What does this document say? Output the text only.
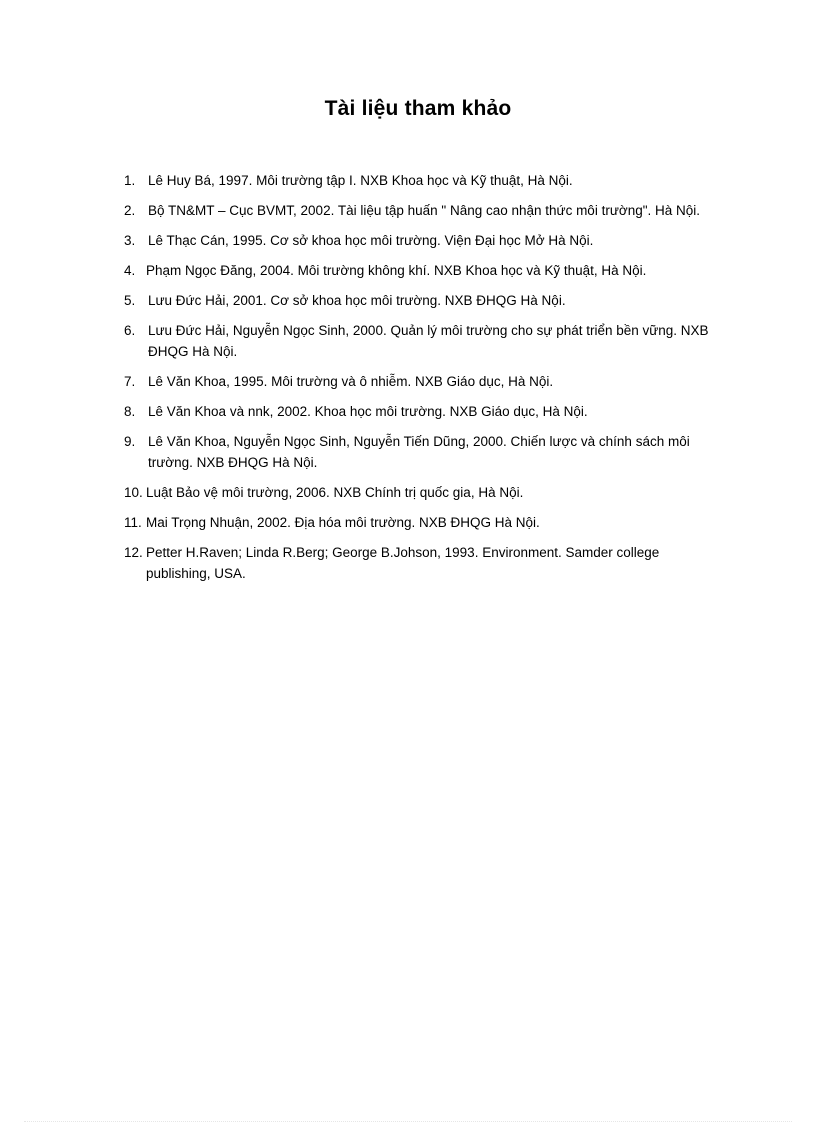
Tài liệu tham khảo
1. Lê Huy Bá, 1997. Môi trường tập I. NXB Khoa học và Kỹ thuật, Hà Nội.
2. Bộ TN&MT – Cục BVMT, 2002. Tài liệu tập huấn " Nâng cao nhận thức môi trường". Hà Nội.
3. Lê Thạc Cán, 1995. Cơ sở khoa học môi trường. Viện Đại học Mở Hà Nội.
4. Phạm Ngọc Đăng, 2004. Môi trường không khí. NXB Khoa học và Kỹ thuật, Hà Nội.
5. Lưu Đức Hải, 2001. Cơ sở khoa học môi trường. NXB ĐHQG Hà Nội.
6. Lưu Đức Hải, Nguyễn Ngọc Sinh, 2000. Quản lý môi trường cho sự phát triển bền vững. NXB ĐHQG Hà Nội.
7. Lê Văn Khoa, 1995. Môi trường và ô nhiễm. NXB Giáo dục, Hà Nội.
8. Lê Văn Khoa và nnk, 2002. Khoa học môi trường. NXB Giáo dục, Hà Nội.
9. Lê Văn Khoa, Nguyễn Ngọc Sinh, Nguyễn Tiến Dũng, 2000. Chiến lược và chính sách môi trường. NXB ĐHQG Hà Nội.
10. Luật Bảo vệ môi trường, 2006. NXB Chính trị quốc gia, Hà Nội.
11. Mai Trọng Nhuận, 2002. Địa hóa môi trường. NXB ĐHQG Hà Nội.
12. Petter H.Raven; Linda R.Berg; George B.Johson, 1993. Environment. Samder college publishing, USA.
